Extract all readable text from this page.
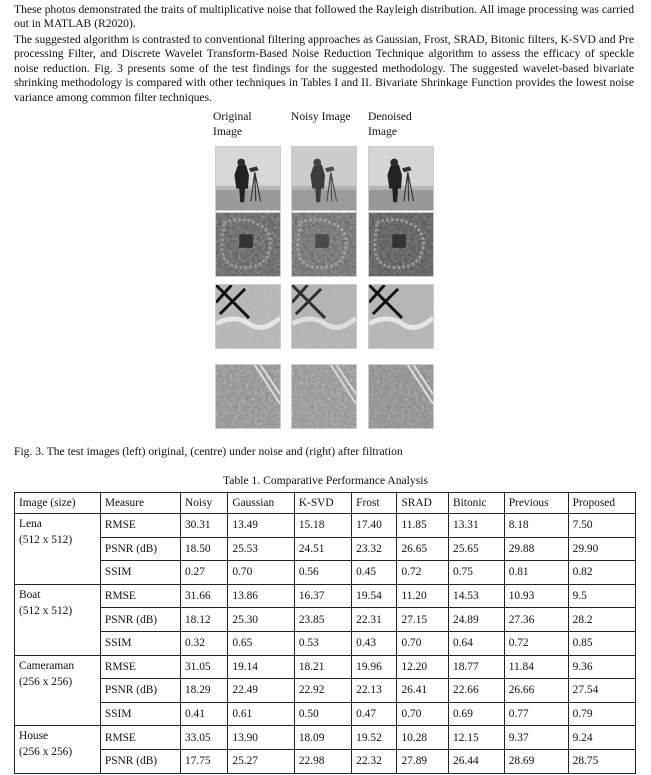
These photos demonstrated the traits of multiplicative noise that followed the Rayleigh distribution. All image processing was carried out in MATLAB (R2020).

The suggested algorithm is contrasted to conventional filtering approaches as Gaussian, Frost, SRAD, Bitonic filters, K-SVD and Pre processing Filter, and Discrete Wavelet Transform-Based Noise Reduction Technique algorithm to assess the efficacy of speckle noise reduction. Fig. 3 presents some of the test findings for the suggested methodology. The suggested wavelet-based bivariate shrinking methodology is compared with other techniques in Tables I and II. Bivariate Shrinkage Function provides the lowest noise variance among common filter techniques.

Original
Image
Noisy Image Denoised
Image

Fig. 3. The test images (left) original, (centre) under noise and (right) after filtration

Table 1. Comparative Performance Analysis

Image (size)	Measure	Noisy	Gaussian	K-SVD	Frost	SRAD	Bitonic	Previous	Proposed

Lena
(512 x 512)	RMSE	30.31	13.49	15.18	17.40	11.85	13.31	8.18	7.50
	PSNR (dB)	18.50	25.53	24.51	23.32	26.65	25.65	29.88	29.90
	SSIM	0.27	0.70	0.56	0.45	0.72	0.75	0.81	0.82

Boat
(512 x 512)	RMSE	31.66	13.86	16.37	19.54	11.20	14.53	10.93	9.5
	PSNR (dB)	18.12	25.30	23.85	22.31	27.15	24.89	27.36	28.2
	SSIM	0.32	0.65	0.53	0.43	0.70	0.64	0.72	0.85

Cameraman
(256 x 256)	RMSE	31.05	19.14	18.21	19.96	12.20	18.77	11.84	9.36
	PSNR (dB)	18.29	22.49	22.92	22.13	26.41	22.66	26.66	27.54
	SSIM	0.41	0.61	0.50	0.47	0.70	0.69	0.77	0.79

House
(256 x 256)	RMSE	33.05	13.90	18.09	19.52	10.28	12.15	9.37	9.24
	PSNR (dB)	17.75	25.27	22.98	22.32	27.89	26.44	28.69	28.75
